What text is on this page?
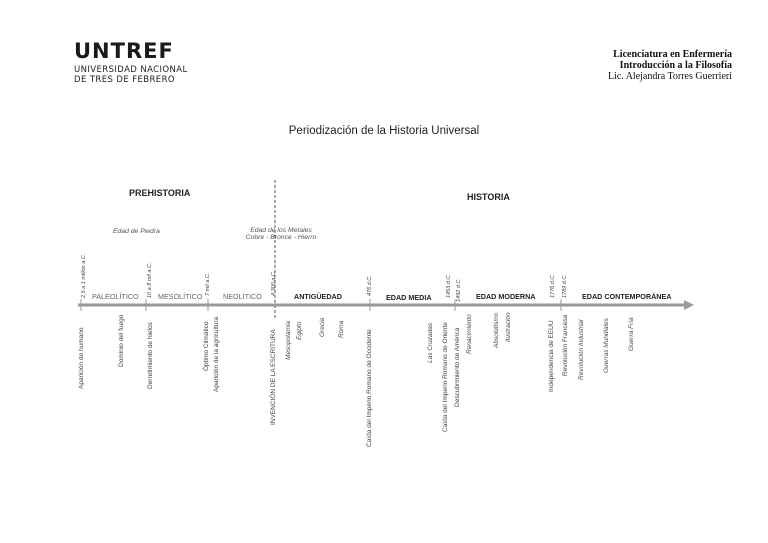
UNTREF
UNIVERSIDAD NACIONAL
DE TRES DE FEBRERO
Licenciatura en Enfermería
Introducción a la Filosofía
Lic. Alejandra Torres Guerrieri
Periodización de la Historia Universal
PREHISTORIA	HISTORIA
Edad de Piedra	Edad de los Metales
Cobre - Bronce - Hierro
PALEOLÍTICO	MESOLÍTICO	NEOLÍTICO	ANTIGÜEDAD	EDAD MEDIA	EDAD MODERNA	EDAD CONTEMPORÁNEA
2,5 a 1 millón a.C.	10 a 8 mil a.C.	7 mil a.C.	4.300 a.C.	476 d.C.	1453 d.C. 1492 d.C.	1776 d.C. 1789 d.C.
Aparición de humano	Dominio del fuego	Derretimiento de hielos	Óptimo Climático Aparición de la agricultura	INVENCIÓN DE LA ESCRITURA Mesopotamia Egipto Grecia Roma	Caída del Imperio Romano de Occidente	Las Cruzadas Caída del Imperio Romano de Oriente Descubrimiento de América Renacimiento	Absolutismo Ilustración	Independencia de EEUU Revolución Francesa Revolución Industrial	Guerras Mundiales	Guerra Fría
